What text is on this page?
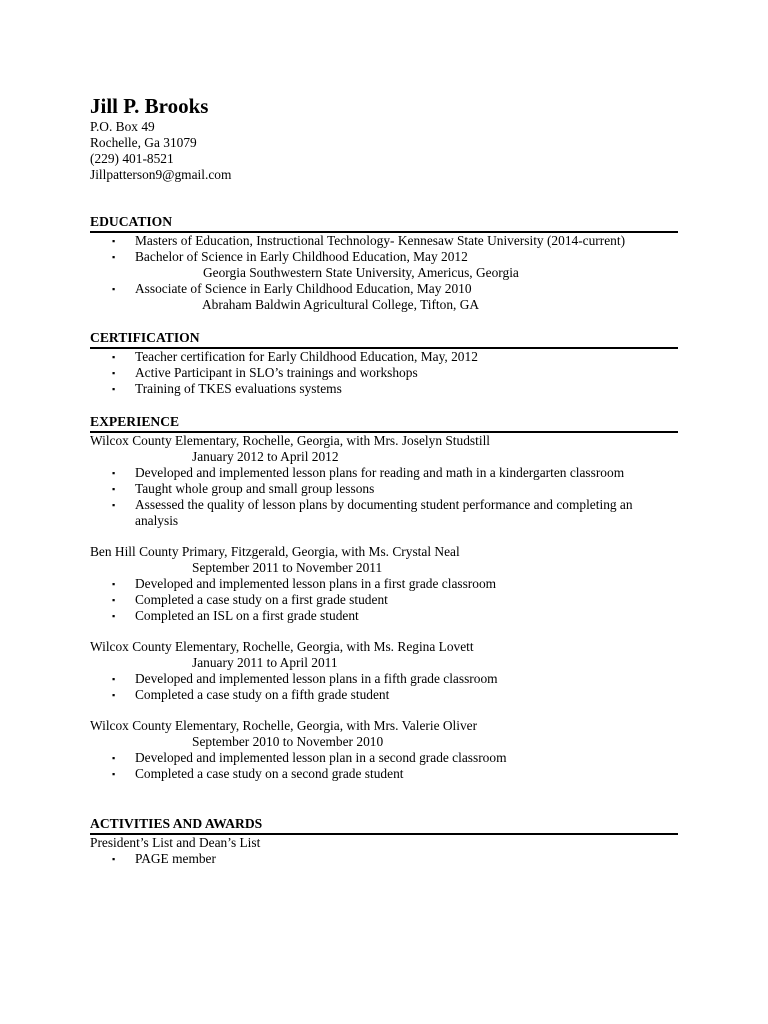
Jill P. Brooks
P.O. Box 49
Rochelle, Ga 31079
(229) 401-8521
Jillpatterson9@gmail.com
EDUCATION
▪ Masters of Education, Instructional Technology- Kennesaw State University (2014-current)
▪ Bachelor of Science in Early Childhood Education, May 2012
Georgia Southwestern State University, Americus, Georgia
▪ Associate of Science in Early Childhood Education, May 2010
Abraham Baldwin Agricultural College, Tifton, GA
CERTIFICATION
▪ Teacher certification for Early Childhood Education, May, 2012
▪ Active Participant in SLO’s trainings and workshops
▪ Training of TKES evaluations systems
EXPERIENCE
Wilcox County Elementary, Rochelle, Georgia, with Mrs. Joselyn Studstill
January 2012 to April 2012
▪ Developed and implemented lesson plans for reading and math in a kindergarten classroom
▪ Taught whole group and small group lessons
▪ Assessed the quality of lesson plans by documenting student performance and completing an analysis
Ben Hill County Primary, Fitzgerald, Georgia, with Ms. Crystal Neal
September 2011 to November 2011
▪ Developed and implemented lesson plans in a first grade classroom
▪ Completed a case study on a first grade student
▪ Completed an ISL on a first grade student
Wilcox County Elementary, Rochelle, Georgia, with Ms. Regina Lovett
January 2011 to April 2011
▪ Developed and implemented lesson plans in a fifth grade classroom
▪ Completed a case study on a fifth grade student
Wilcox County Elementary, Rochelle, Georgia, with Mrs. Valerie Oliver
September 2010 to November 2010
▪ Developed and implemented lesson plan in a second grade classroom
▪ Completed a case study on a second grade student
ACTIVITIES AND AWARDS
President’s List and Dean’s List
▪ PAGE member
